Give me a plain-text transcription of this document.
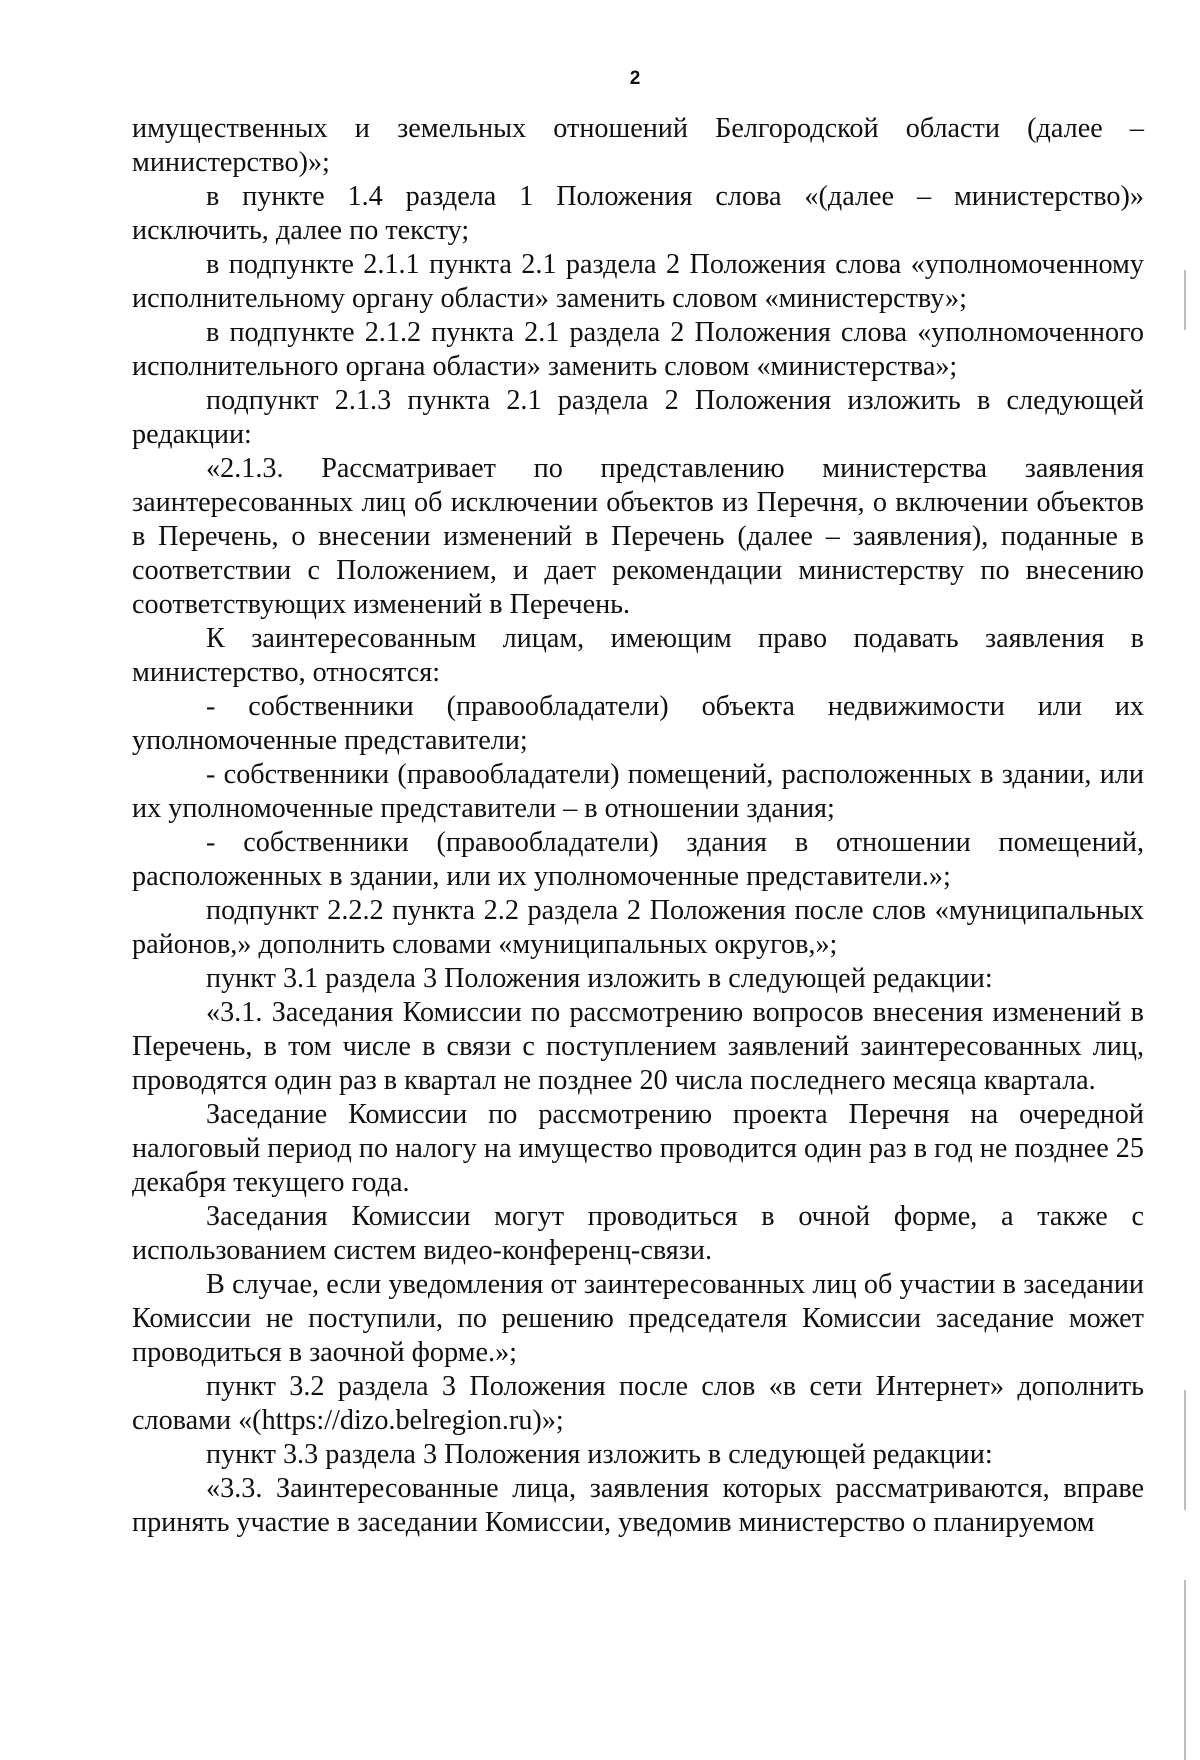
2

имущественных и земельных отношений Белгородской области (далее – министерство)»;

в пункте 1.4 раздела 1 Положения слова «(далее – министерство)» исключить, далее по тексту;

в подпункте 2.1.1 пункта 2.1 раздела 2 Положения слова «уполномоченному исполнительному органу области» заменить словом «министерству»;

в подпункте 2.1.2 пункта 2.1 раздела 2 Положения слова «уполномоченного исполнительного органа области» заменить словом «министерства»;

подпункт 2.1.3 пункта 2.1 раздела 2 Положения изложить в следующей редакции:

«2.1.3. Рассматривает по представлению министерства заявления заинтересованных лиц об исключении объектов из Перечня, о включении объектов в Перечень, о внесении изменений в Перечень (далее – заявления), поданные в соответствии с Положением, и дает рекомендации министерству по внесению соответствующих изменений в Перечень.

К заинтересованным лицам, имеющим право подавать заявления в министерство, относятся:

- собственники (правообладатели) объекта недвижимости или их уполномоченные представители;

- собственники (правообладатели) помещений, расположенных в здании, или их уполномоченные представители – в отношении здания;

- собственники (правообладатели) здания в отношении помещений, расположенных в здании, или их уполномоченные представители.»;

подпункт 2.2.2 пункта 2.2 раздела 2 Положения после слов «муниципальных районов,» дополнить словами «муниципальных округов,»;

пункт 3.1 раздела 3 Положения изложить в следующей редакции:

«3.1. Заседания Комиссии по рассмотрению вопросов внесения изменений в Перечень, в том числе в связи с поступлением заявлений заинтересованных лиц, проводятся один раз в квартал не позднее 20 числа последнего месяца квартала.

Заседание Комиссии по рассмотрению проекта Перечня на очередной налоговый период по налогу на имущество проводится один раз в год не позднее 25 декабря текущего года.

Заседания Комиссии могут проводиться в очной форме, а также с использованием систем видео-конференц-связи.

В случае, если уведомления от заинтересованных лиц об участии в заседании Комиссии не поступили, по решению председателя Комиссии заседание может проводиться в заочной форме.»;

пункт 3.2 раздела 3 Положения после слов «в сети Интернет» дополнить словами «(https://dizo.belregion.ru)»;

пункт 3.3 раздела 3 Положения изложить в следующей редакции:

«3.3. Заинтересованные лица, заявления которых рассматриваются, вправе принять участие в заседании Комиссии, уведомив министерство о планируемом
